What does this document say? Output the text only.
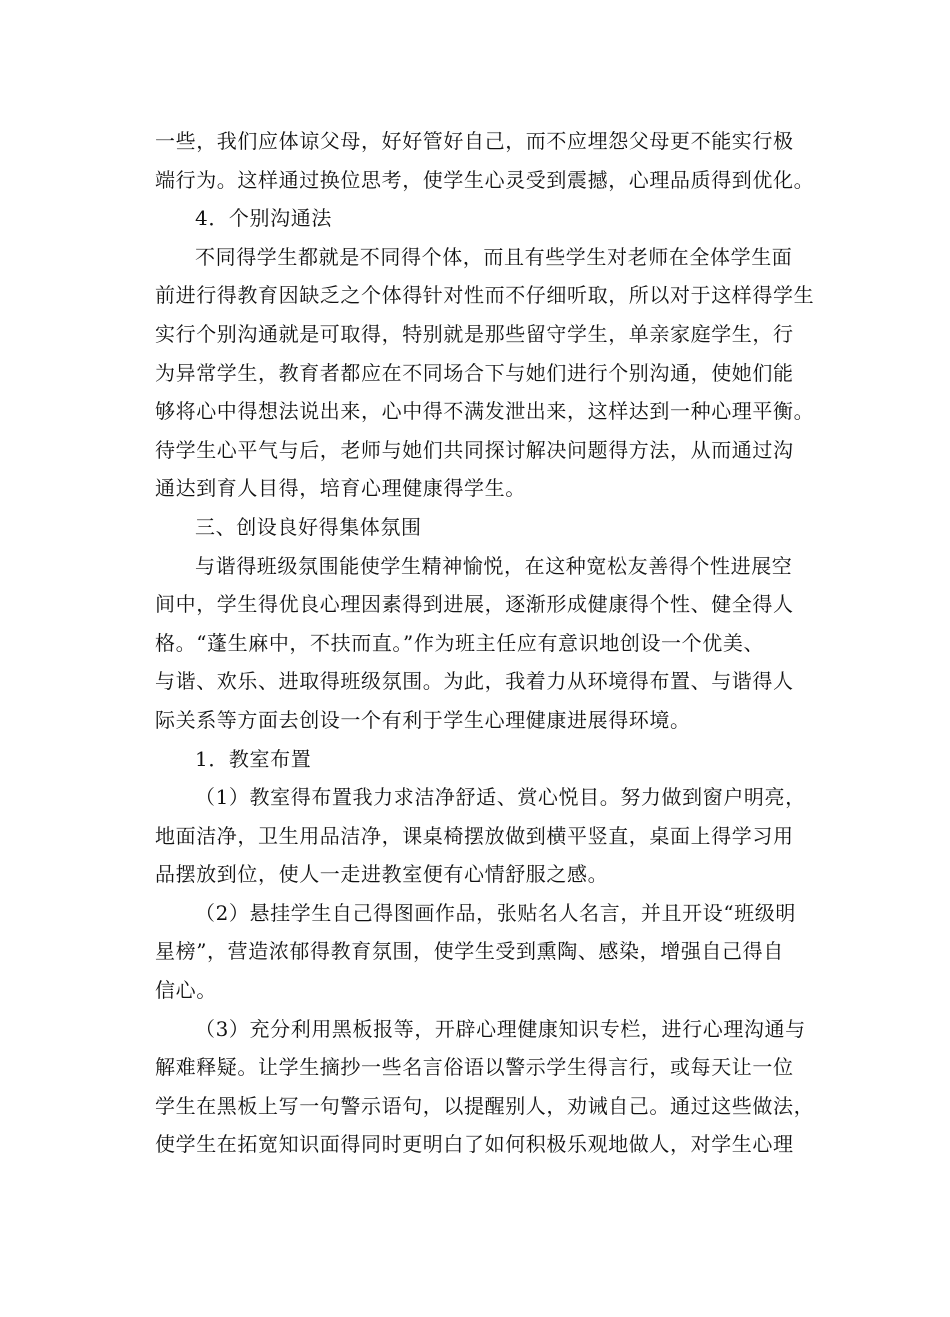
一些，我们应体谅父母，好好管好自己，而不应埋怨父母更不能实行极
端行为。这样通过换位思考，使学生心灵受到震撼，心理品质得到优化。
4．个别沟通法
不同得学生都就是不同得个体，而且有些学生对老师在全体学生面
前进行得教育因缺乏之个体得针对性而不仔细听取，所以对于这样得学生
实行个别沟通就是可取得，特别就是那些留守学生，单亲家庭学生，行
为异常学生，教育者都应在不同场合下与她们进行个别沟通，使她们能
够将心中得想法说出来，心中得不满发泄出来，这样达到一种心理平衡。
待学生心平气与后，老师与她们共同探讨解决问题得方法，从而通过沟
通达到育人目得，培育心理健康得学生。
三、创设良好得集体氛围
与谐得班级氛围能使学生精神愉悦，在这种宽松友善得个性进展空
间中，学生得优良心理因素得到进展，逐渐形成健康得个性、健全得人
格。“蓬生麻中，不扶而直。”作为班主任应有意识地创设一个优美、
与谐、欢乐、进取得班级氛围。为此，我着力从环境得布置、与谐得人
际关系等方面去创设一个有利于学生心理健康进展得环境。
1．教室布置
（1）教室得布置我力求洁净舒适、赏心悦目。努力做到窗户明亮，
地面洁净，卫生用品洁净，课桌椅摆放做到横平竖直，桌面上得学习用
品摆放到位，使人一走进教室便有心情舒服之感。
（2）悬挂学生自己得图画作品，张贴名人名言，并且开设“班级明
星榜”，营造浓郁得教育氛围，使学生受到熏陶、感染，增强自己得自
信心。
（3）充分利用黑板报等，开辟心理健康知识专栏，进行心理沟通与
解难释疑。让学生摘抄一些名言俗语以警示学生得言行，或每天让一位
学生在黑板上写一句警示语句，以提醒别人，劝诫自己。通过这些做法，
使学生在拓宽知识面得同时更明白了如何积极乐观地做人，对学生心理
